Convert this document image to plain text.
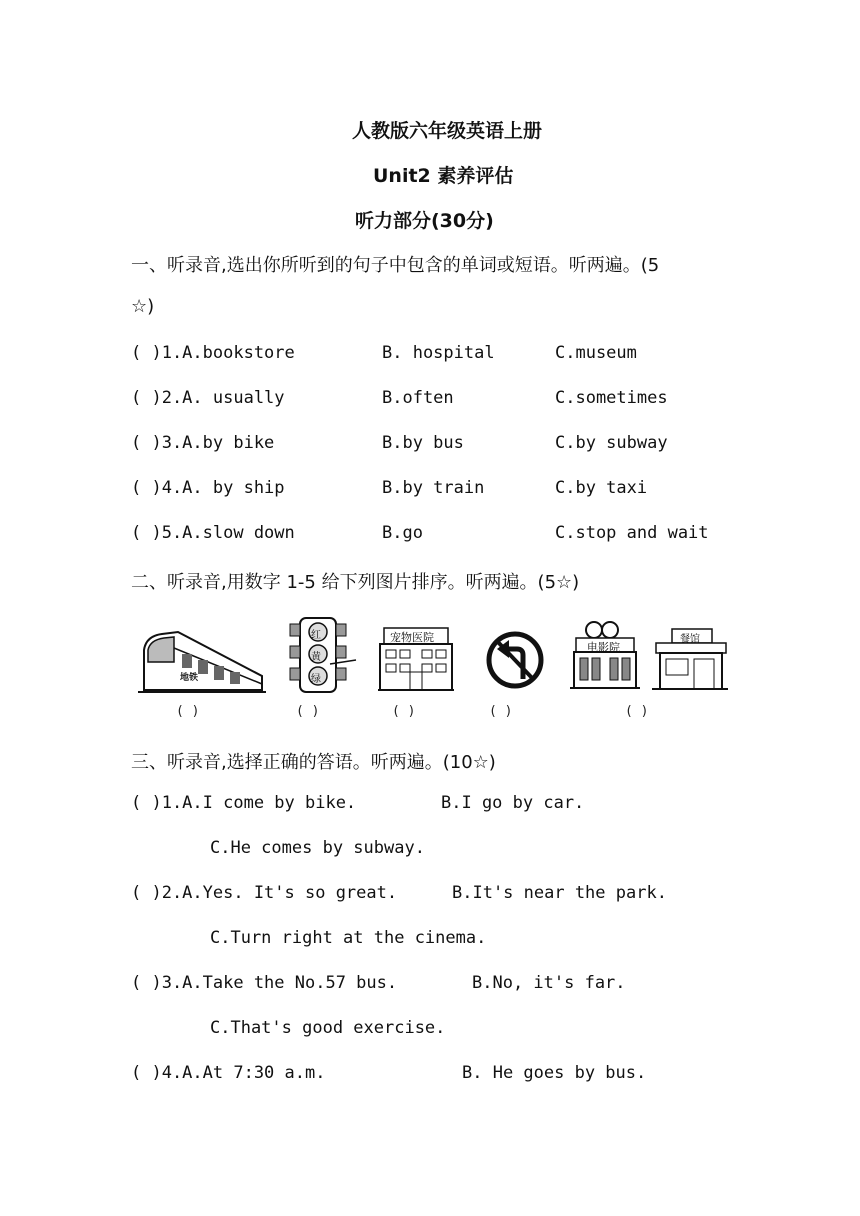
人教版六年级英语上册
Unit2 素养评估
听力部分(30分)
一、听录音,选出你所听到的句子中包含的单词或短语。听两遍。(5
☆)
( )1.A.bookstore	B. hospital	C.museum
( )2.A. usually	B.often	C.sometimes
( )3.A.by bike	B.by bus	C.by subway
( )4.A. by ship	B.by train	C.by taxi
( )5.A.slow down	B.go	C.stop and wait
二、听录音,用数字 1-5 给下列图片排序。听两遍。(5☆)
地铁
红
黄
绿
宠物医院
电影院
餐馆
( )	( )	( )	( )	( )
三、听录音,选择正确的答语。听两遍。(10☆)
( )1.A.I come by bike.	B.I go by car.
C.He comes by subway.
( )2.A.Yes. It's so great.	B.It's near the park.
C.Turn right at the cinema.
( )3.A.Take the No.57 bus.	B.No, it's far.
C.That's good exercise.
( )4.A.At 7:30 a.m.	B. He goes by bus.
